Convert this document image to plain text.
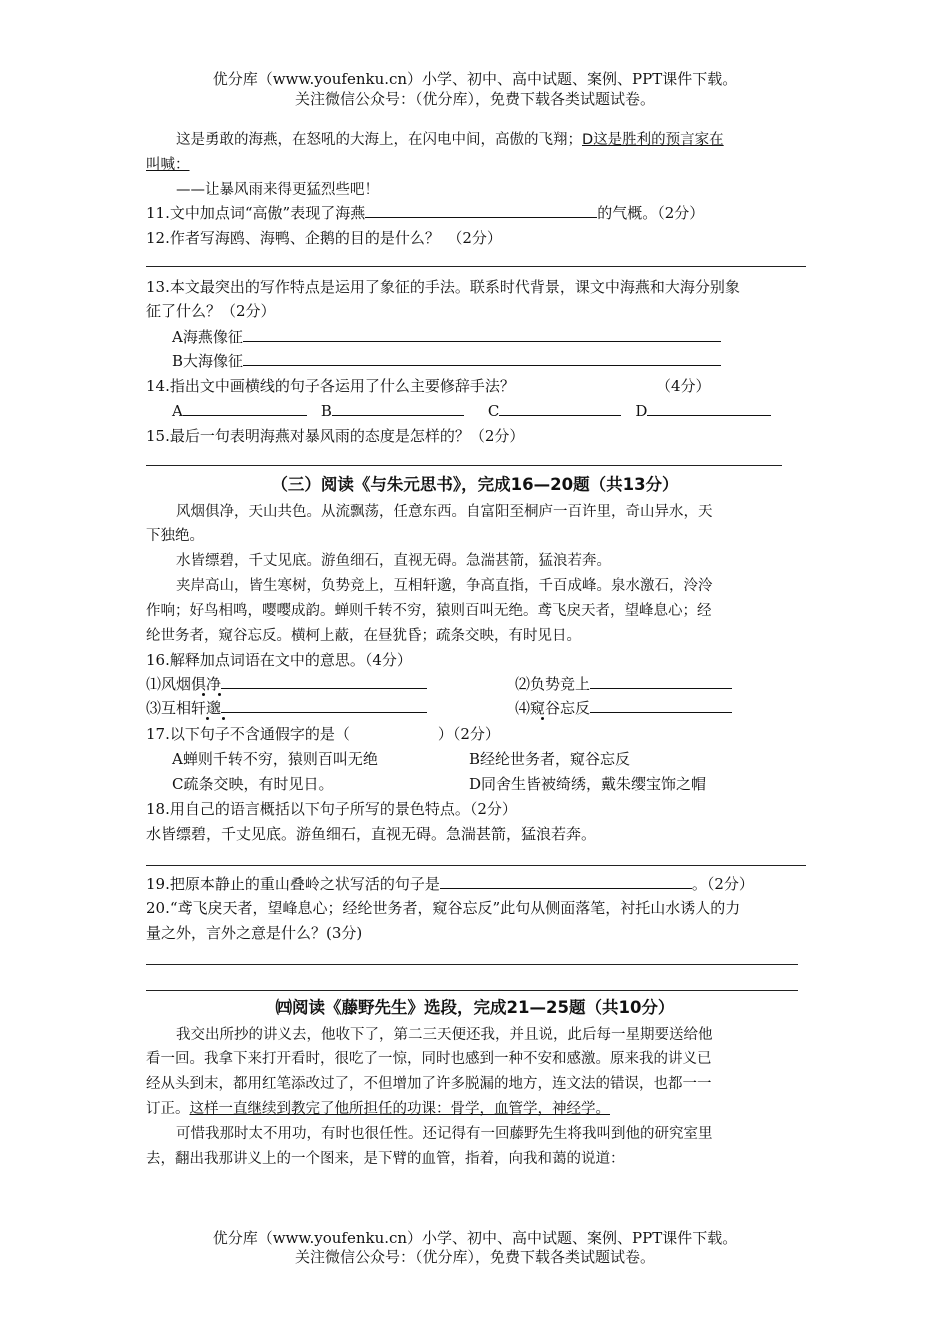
优分库（www.youfenku.cn）小学、初中、高中试题、案例、PPT课件下载。
关注微信公众号：（优分库），免费下载各类试题试卷。
这是勇敢的海燕，在怒吼的大海上，在闪电中间，高傲的飞翔；D这是胜利的预言家在
叫喊：
——让暴风雨来得更猛烈些吧！
11.文中加点词“高傲”表现了海燕	的气概。（2分）
12.作者写海鸥、海鸭、企鹅的目的是什么？　（2分）
13.本文最突出的写作特点是运用了象征的手法。联系时代背景，课文中海燕和大海分别象
征了什么？（2分）
A海燕像征
B大海像征
14.指出文中画横线的句子各运用了什么主要修辞手法？	（4分）
A	B	C	D
15.最后一句表明海燕对暴风雨的态度是怎样的？（2分）
（三）阅读《与朱元思书》，完成16—20题（共13分）
风烟俱净，天山共色。从流飘荡，任意东西。自富阳至桐庐一百许里，奇山异水，天
下独绝。
水皆缥碧，千丈见底。游鱼细石，直视无碍。急湍甚箭，猛浪若奔。
夹岸高山，皆生寒树，负势竞上，互相轩邈，争高直指，千百成峰。泉水激石，泠泠
作响；好鸟相鸣，嘤嘤成韵。蝉则千转不穷，猿则百叫无绝。鸢飞戾天者，望峰息心；经
纶世务者，窥谷忘反。横柯上蔽，在昼犹昏；疏条交映，有时见日。
16.解释加点词语在文中的意思。（4分）
⑴风烟俱净	⑵负势竞上
⑶互相轩邈	⑷窥谷忘反
17.以下句子不含通假字的是（	）（2分）
A蝉则千转不穷，猿则百叫无绝	B经纶世务者，窥谷忘反
C疏条交映，有时见日。	D同舍生皆被绮绣，戴朱缨宝饰之帽
18.用自己的语言概括以下句子所写的景色特点。（2分）
水皆缥碧，千丈见底。游鱼细石，直视无碍。急湍甚箭，猛浪若奔。
19.把原本静止的重山叠岭之状写活的句子是	。（2分）
20.“鸢飞戾天者，望峰息心；经纶世务者，窥谷忘反”此句从侧面落笔，衬托山水诱人的力
量之外，言外之意是什么？(3分)
㈣阅读《藤野先生》选段，完成21—25题（共10分）
我交出所抄的讲义去，他收下了，第二三天便还我，并且说，此后每一星期要送给他
看一回。我拿下来打开看时，很吃了一惊，同时也感到一种不安和感激。原来我的讲义已
经从头到末，都用红笔添改过了，不但增加了许多脱漏的地方，连文法的错误，也都一一
订正。这样一直继续到教完了他所担任的功课：骨学，血管学，神经学。
可惜我那时太不用功，有时也很任性。还记得有一回藤野先生将我叫到他的研究室里
去，翻出我那讲义上的一个图来，是下臂的血管，指着，向我和蔼的说道：
优分库（www.youfenku.cn）小学、初中、高中试题、案例、PPT课件下载。
关注微信公众号：（优分库），免费下载各类试题试卷。
